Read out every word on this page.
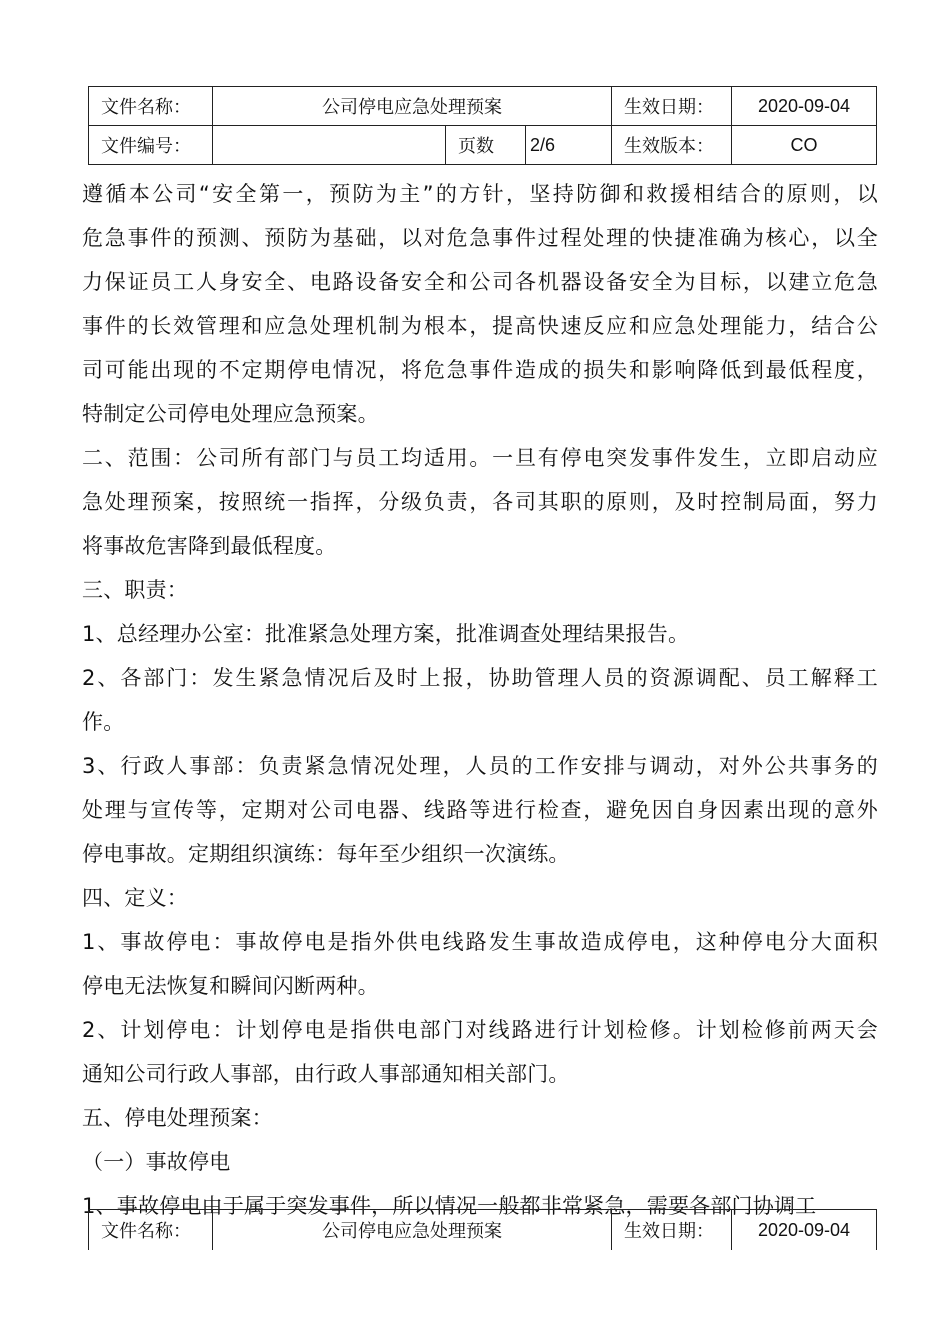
文件名称：	公司停电应急处理预案			生效日期：	2020-09-04
文件编号：		页数	2/6	生效版本：	CO
遵循本公司“安全第一，预防为主”的方针，坚持防御和救援相结合的原则，以
危急事件的预测、预防为基础，以对危急事件过程处理的快捷准确为核心，以全
力保证员工人身安全、电路设备安全和公司各机器设备安全为目标，以建立危急
事件的长效管理和应急处理机制为根本，提高快速反应和应急处理能力，结合公
司可能出现的不定期停电情况，将危急事件造成的损失和影响降低到最低程度，
特制定公司停电处理应急预案。
二、范围：公司所有部门与员工均适用。一旦有停电突发事件发生，立即启动应
急处理预案，按照统一指挥，分级负责，各司其职的原则，及时控制局面，努力
将事故危害降到最低程度。
三、职责：
1、总经理办公室：批准紧急处理方案，批准调查处理结果报告。
2、各部门：发生紧急情况后及时上报，协助管理人员的资源调配、员工解释工
作。
3、行政人事部：负责紧急情况处理，人员的工作安排与调动，对外公共事务的
处理与宣传等，定期对公司电器、线路等进行检查，避免因自身因素出现的意外
停电事故。定期组织演练：每年至少组织一次演练。
四、定义：
1、事故停电：事故停电是指外供电线路发生事故造成停电，这种停电分大面积
停电无法恢复和瞬间闪断两种。
2、计划停电：计划停电是指供电部门对线路进行计划检修。计划检修前两天会
通知公司行政人事部，由行政人事部通知相关部门。
五、停电处理预案：
（一）事故停电
1、事故停电由于属于突发事件，所以情况一般都非常紧急，需要各部门协调工
文件名称：	公司停电应急处理预案	生效日期：	2020-09-04
